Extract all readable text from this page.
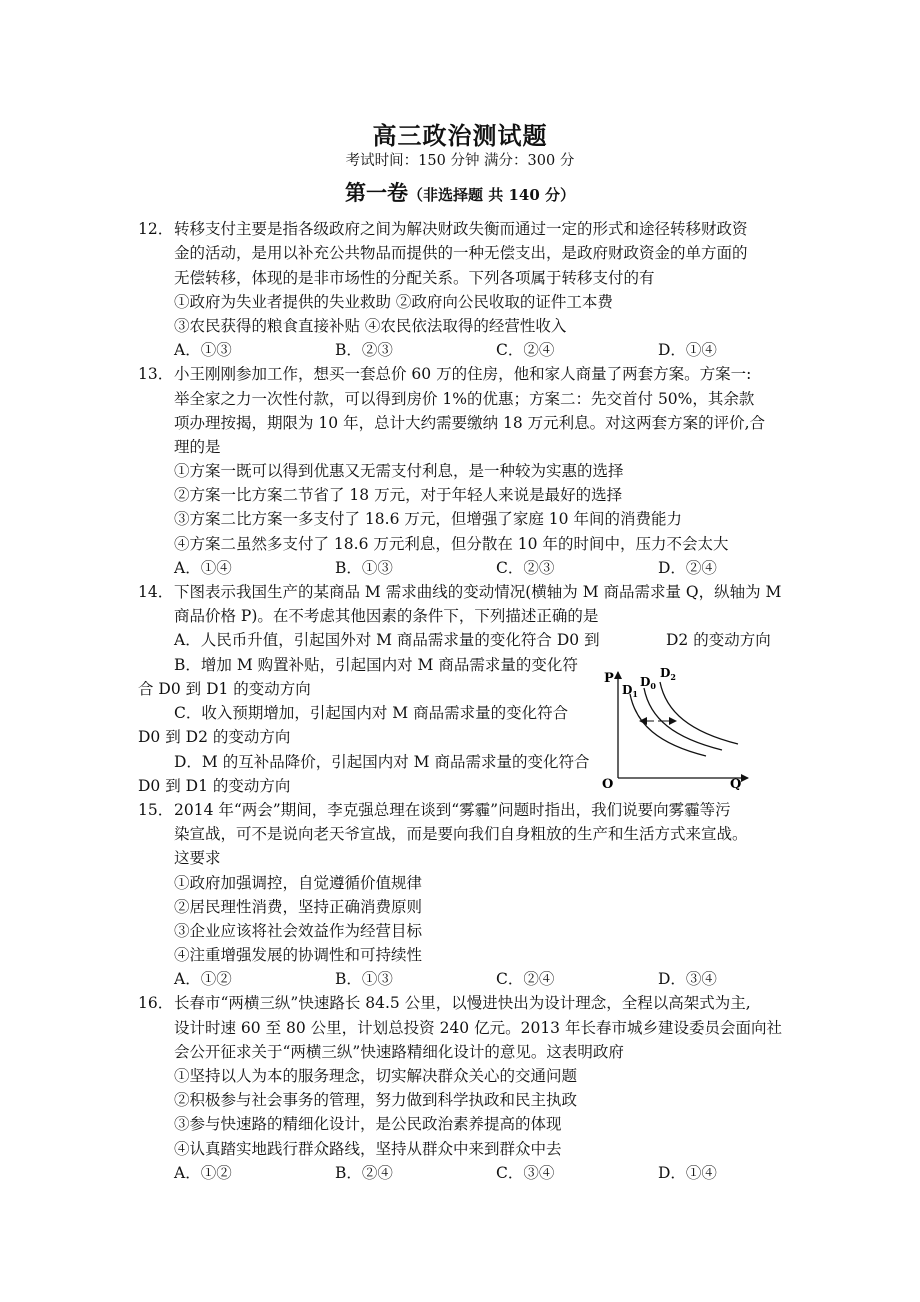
高三政治测试题
考试时间：150 分钟 满分：300 分
第一卷（非选择题 共 140 分）
12． 转移支付主要是指各级政府之间为解决财政失衡而通过一定的形式和途径转移财政资
金的活动，是用以补充公共物品而提供的一种无偿支出，是政府财政资金的单方面的
无偿转移，体现的是非市场性的分配关系。下列各项属于转移支付的有
①政府为失业者提供的失业救助 ②政府向公民收取的证件工本费
③农民获得的粮食直接补贴 ④农民依法取得的经营性收入
A．①③	B．②③	C．②④	D．①④
13． 小王刚刚参加工作，想买一套总价 60 万的住房，他和家人商量了两套方案。方案一:
举全家之力一次性付款，可以得到房价 1%的优惠；方案二：先交首付 50%，其余款
项办理按揭，期限为 10 年，总计大约需要缴纳 18 万元利息。对这两套方案的评价,合
理的是
①方案一既可以得到优惠又无需支付利息，是一种较为实惠的选择
②方案一比方案二节省了 18 万元，对于年轻人来说是最好的选择
③方案二比方案一多支付了 18.6 万元，但增强了家庭 10 年间的消费能力
④方案二虽然多支付了 18.6 万元利息，但分散在 10 年的时间中，压力不会太大
A．①④	B．①③	C．②③	D．②④
14． 下图表示我国生产的某商品 M 需求曲线的变动情况(横轴为 M 商品需求量 Q，纵轴为 M
商品价格 P)。在不考虑其他因素的条件下，下列描述正确的是
A．人民币升值，引起国外对 M 商品需求量的变化符合 D0 到	D2 的变动方向
B．增加 M 购置补贴，引起国内对 M 商品需求量的变化符
合 D0 到 D1 的变动方向
C．收入预期增加，引起国内对 M 商品需求量的变化符合
D0 到 D2 的变动方向
D．M 的互补品降价，引起国内对 M 商品需求量的变化符合
D0 到 D1 的变动方向
P
Q
O
$D_1$
$D_0$
$D_2$
15． 2014 年“两会”期间，李克强总理在谈到“雾霾”问题时指出，我们说要向雾霾等污
染宣战，可不是说向老天爷宣战，而是要向我们自身粗放的生产和生活方式来宣战。
这要求
①政府加强调控，自觉遵循价值规律
②居民理性消费，坚持正确消费原则
③企业应该将社会效益作为经营目标
④注重增强发展的协调性和可持续性
A．①②	B．①③	C．②④	D．③④
16． 长春市“两横三纵”快速路长 84.5 公里，以慢进快出为设计理念，全程以高架式为主,
设计时速 60 至 80 公里，计划总投资 240 亿元。2013 年长春市城乡建设委员会面向社
会公开征求关于“两横三纵”快速路精细化设计的意见。这表明政府
①坚持以人为本的服务理念，切实解决群众关心的交通问题
②积极参与社会事务的管理，努力做到科学执政和民主执政
③参与快速路的精细化设计，是公民政治素养提高的体现
④认真踏实地践行群众路线，坚持从群众中来到群众中去
A．①②	B．②④	C．③④	D．①④
